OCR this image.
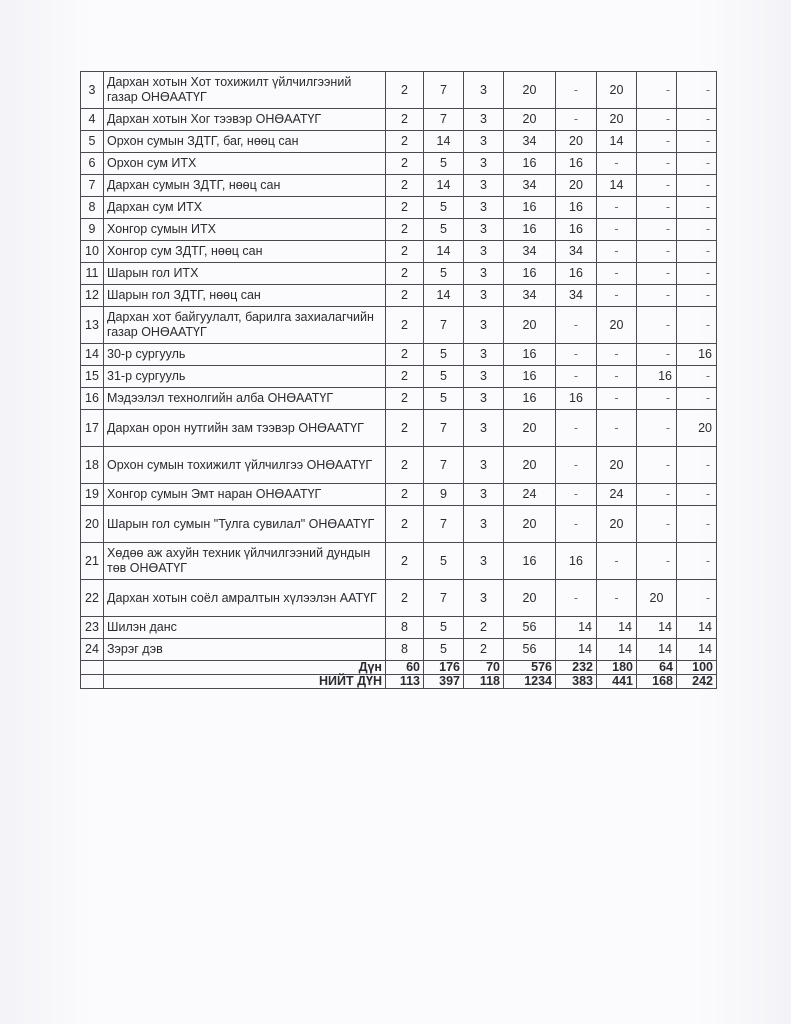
3	Дархан хотын Хот тохижилт үйлчилгээний газар ОНӨААТҮГ	2	7	3	20	-	20	-	-
4	Дархан хотын Хог тээвэр ОНӨААТҮГ	2	7	3	20	-	20	-	-
5	Орхон сумын ЗДТГ, баг, нөөц сан	2	14	3	34	20	14	-	-
6	Орхон сум ИТХ	2	5	3	16	16	-	-	-
7	Дархан сумын ЗДТГ, нөөц сан	2	14	3	34	20	14	-	-
8	Дархан сум ИТХ	2	5	3	16	16	-	-	-
9	Хонгор сумын ИТХ	2	5	3	16	16	-	-	-
10	Хонгор сум ЗДТГ, нөөц сан	2	14	3	34	34	-	-	-
11	Шарын гол ИТХ	2	5	3	16	16	-	-	-
12	Шарын гол ЗДТГ, нөөц сан	2	14	3	34	34	-	-	-
13	Дархан хот байгуулалт, барилга захиалагчийн газар ОНӨААТҮГ	2	7	3	20	-	20	-	-
14	30-р сургууль	2	5	3	16	-	-	-	16
15	31-р сургууль	2	5	3	16	-	-	16	-
16	Мэдээлэл технолгийн алба ОНӨААТҮГ	2	5	3	16	16	-	-	-
17	Дархан орон нутгийн зам тээвэр ОНӨААТҮГ	2	7	3	20	-	-	-	20
18	Орхон сумын тохижилт үйлчилгээ ОНӨААТҮГ	2	7	3	20	-	20	-	-
19	Хонгор сумын Эмт наран ОНӨААТҮГ	2	9	3	24	-	24	-	-
20	Шарын гол сумын "Тулга сувилал" ОНӨААТҮГ	2	7	3	20	-	20	-	-
21	Хөдөө аж ахуйн техник үйлчилгээний дундын төв ОНӨАТҮГ	2	5	3	16	16	-	-	-
22	Дархан хотын соёл амралтын хүлээлэн ААТҮГ	2	7	3	20	-	-	20	-
23	Шилэн данс	8	5	2	56	14	14	14	14
24	Зэрэг дэв	8	5	2	56	14	14	14	14
	Дүн	60	176	70	576	232	180	64	100
	НИЙТ ДҮН	113	397	118	1234	383	441	168	242
